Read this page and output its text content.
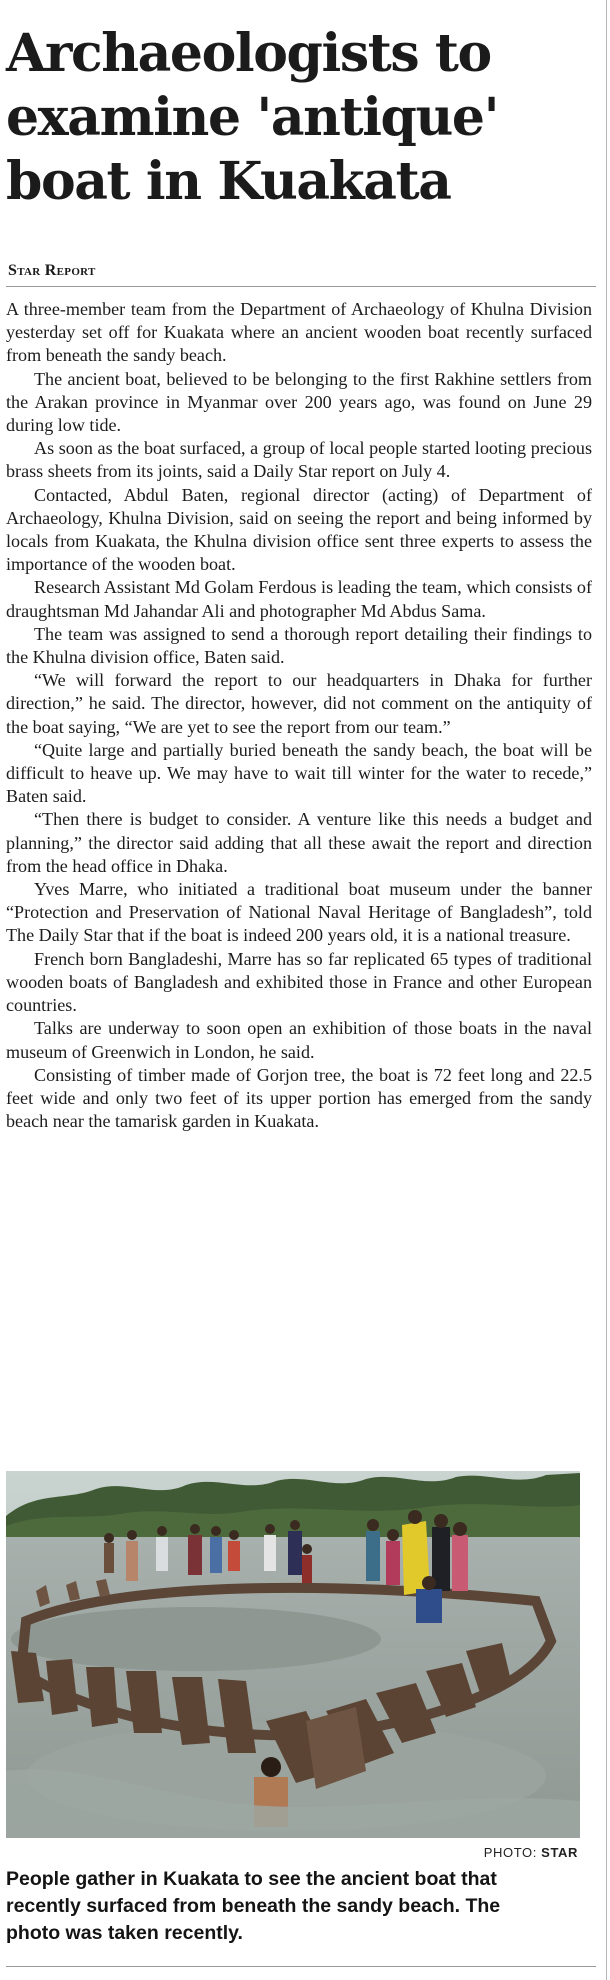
Archaeologists to
examine 'antique'
boat in Kuakata
Star Report

A three-member team from the Department of Archaeology of Khulna Division yesterday set off for Kuakata where an ancient wooden boat recently surfaced from beneath the sandy beach.

The ancient boat, believed to be belonging to the first Rakhine settlers from the Arakan province in Myanmar over 200 years ago, was found on June 29 during low tide.

As soon as the boat surfaced, a group of local people started looting precious brass sheets from its joints, said a Daily Star report on July 4.

Contacted, Abdul Baten, regional director (acting) of Department of Archaeology, Khulna Division, said on seeing the report and being informed by locals from Kuakata, the Khulna division office sent three experts to assess the importance of the wooden boat.

Research Assistant Md Golam Ferdous is leading the team, which consists of draughtsman Md Jahandar Ali and photographer Md Abdus Sama.

The team was assigned to send a thorough report detailing their findings to the Khulna division office, Baten said.

“We will forward the report to our headquarters in Dhaka for further direction,” he said. The director, however, did not comment on the antiquity of the boat saying, “We are yet to see the report from our team.”

“Quite large and partially buried beneath the sandy beach, the boat will be difficult to heave up. We may have to wait till winter for the water to recede,” Baten said.

“Then there is budget to consider. A venture like this needs a budget and planning,” the director said adding that all these await the report and direction from the head office in Dhaka.

Yves Marre, who initiated a traditional boat museum under the banner “Protection and Preservation of National Naval Heritage of Bangladesh”, told The Daily Star that if the boat is indeed 200 years old, it is a national treasure.

French born Bangladeshi, Marre has so far replicated 65 types of traditional wooden boats of Bangladesh and exhibited those in France and other European countries.

Talks are underway to soon open an exhibition of those boats in the naval museum of Greenwich in London, he said.

Consisting of timber made of Gorjon tree, the boat is 72 feet long and 22.5 feet wide and only two feet of its upper portion has emerged from the sandy beach near the tamarisk garden in Kuakata.

PHOTO: STAR
People gather in Kuakata to see the ancient boat that
recently surfaced from beneath the sandy beach. The
photo was taken recently.
